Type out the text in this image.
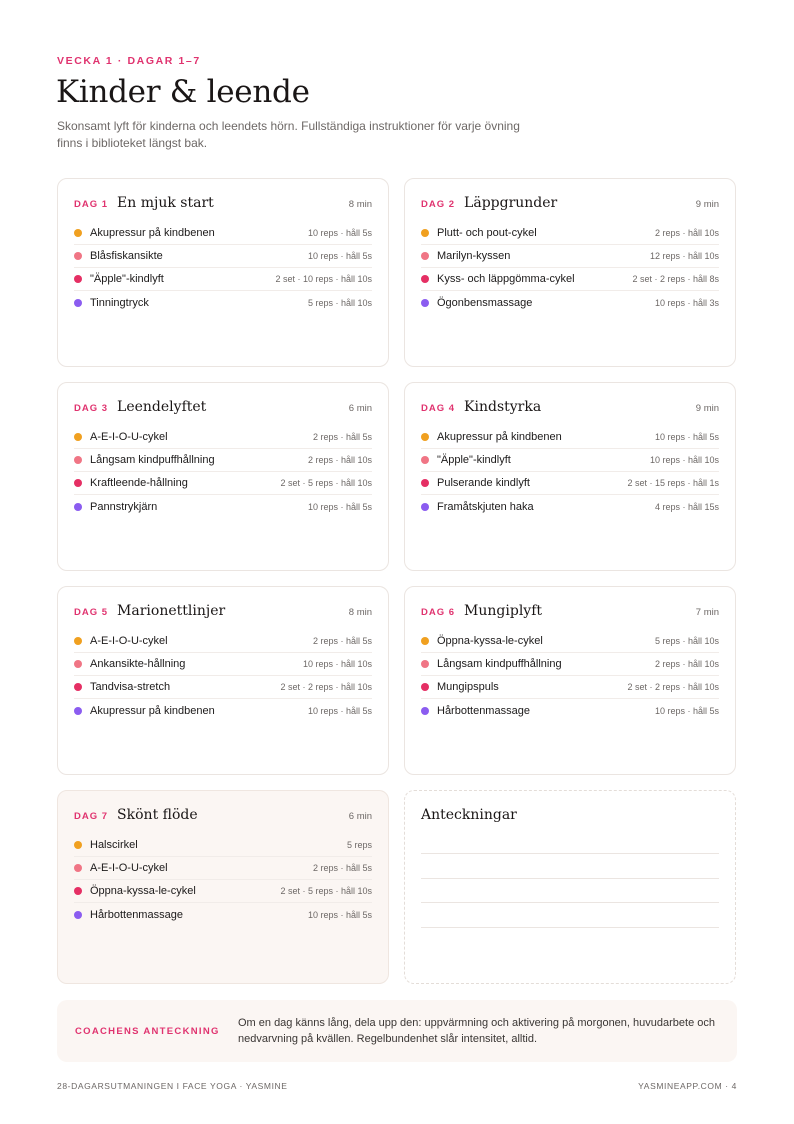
VECKA 1 · DAGAR 1–7
Kinder & leende

Skonsamt lyft för kinderna och leendets hörn. Fullständiga instruktioner för varje övning finns i biblioteket längst bak.

DAG 1 En mjuk start	8 min
Akupressur på kindbenen	10 reps · håll 5s
Blåsfiskansikte	10 reps · håll 5s
"Äpple"-kindlyft	2 set · 10 reps · håll 10s
Tinningtryck	5 reps · håll 10s
DAG 2 Läppgrunder	9 min
Plutt- och pout-cykel	2 reps · håll 10s
Marilyn-kyssen	12 reps · håll 10s
Kyss- och läppgömma-cykel	2 set · 2 reps · håll 8s
Ögonbensmassage	10 reps · håll 3s
DAG 3 Leendelyftet	6 min
A-E-I-O-U-cykel	2 reps · håll 5s
Långsam kindpuffhållning	2 reps · håll 10s
Kraftleende-hållning	2 set · 5 reps · håll 10s
Pannstrykjärn	10 reps · håll 5s
DAG 4 Kindstyrka	9 min
Akupressur på kindbenen	10 reps · håll 5s
"Äpple"-kindlyft	10 reps · håll 10s
Pulserande kindlyft	2 set · 15 reps · håll 1s
Framåtskjuten haka	4 reps · håll 15s
DAG 5 Marionettlinjer	8 min
A-E-I-O-U-cykel	2 reps · håll 5s
Ankansikte-hållning	10 reps · håll 10s
Tandvisa-stretch	2 set · 2 reps · håll 10s
Akupressur på kindbenen	10 reps · håll 5s
DAG 6 Mungiplyft	7 min
Öppna-kyssa-le-cykel	5 reps · håll 10s
Långsam kindpuffhållning	2 reps · håll 10s
Mungipspuls	2 set · 2 reps · håll 10s
Hårbottenmassage	10 reps · håll 5s
DAG 7 Skönt flöde	6 min
Halscirkel	5 reps
A-E-I-O-U-cykel	2 reps · håll 5s
Öppna-kyssa-le-cykel	2 set · 5 reps · håll 10s
Hårbottenmassage	10 reps · håll 5s
Anteckningar
COACHENS ANTECKNING
Om en dag känns lång, dela upp den: uppvärmning och aktivering på morgonen, huvudarbete och nedvarvning på kvällen. Regelbundenhet slår intensitet, alltid.
28-DAGARSUTMANINGEN I FACE YOGA · YASMINE	YASMINEAPP.COM · 4
